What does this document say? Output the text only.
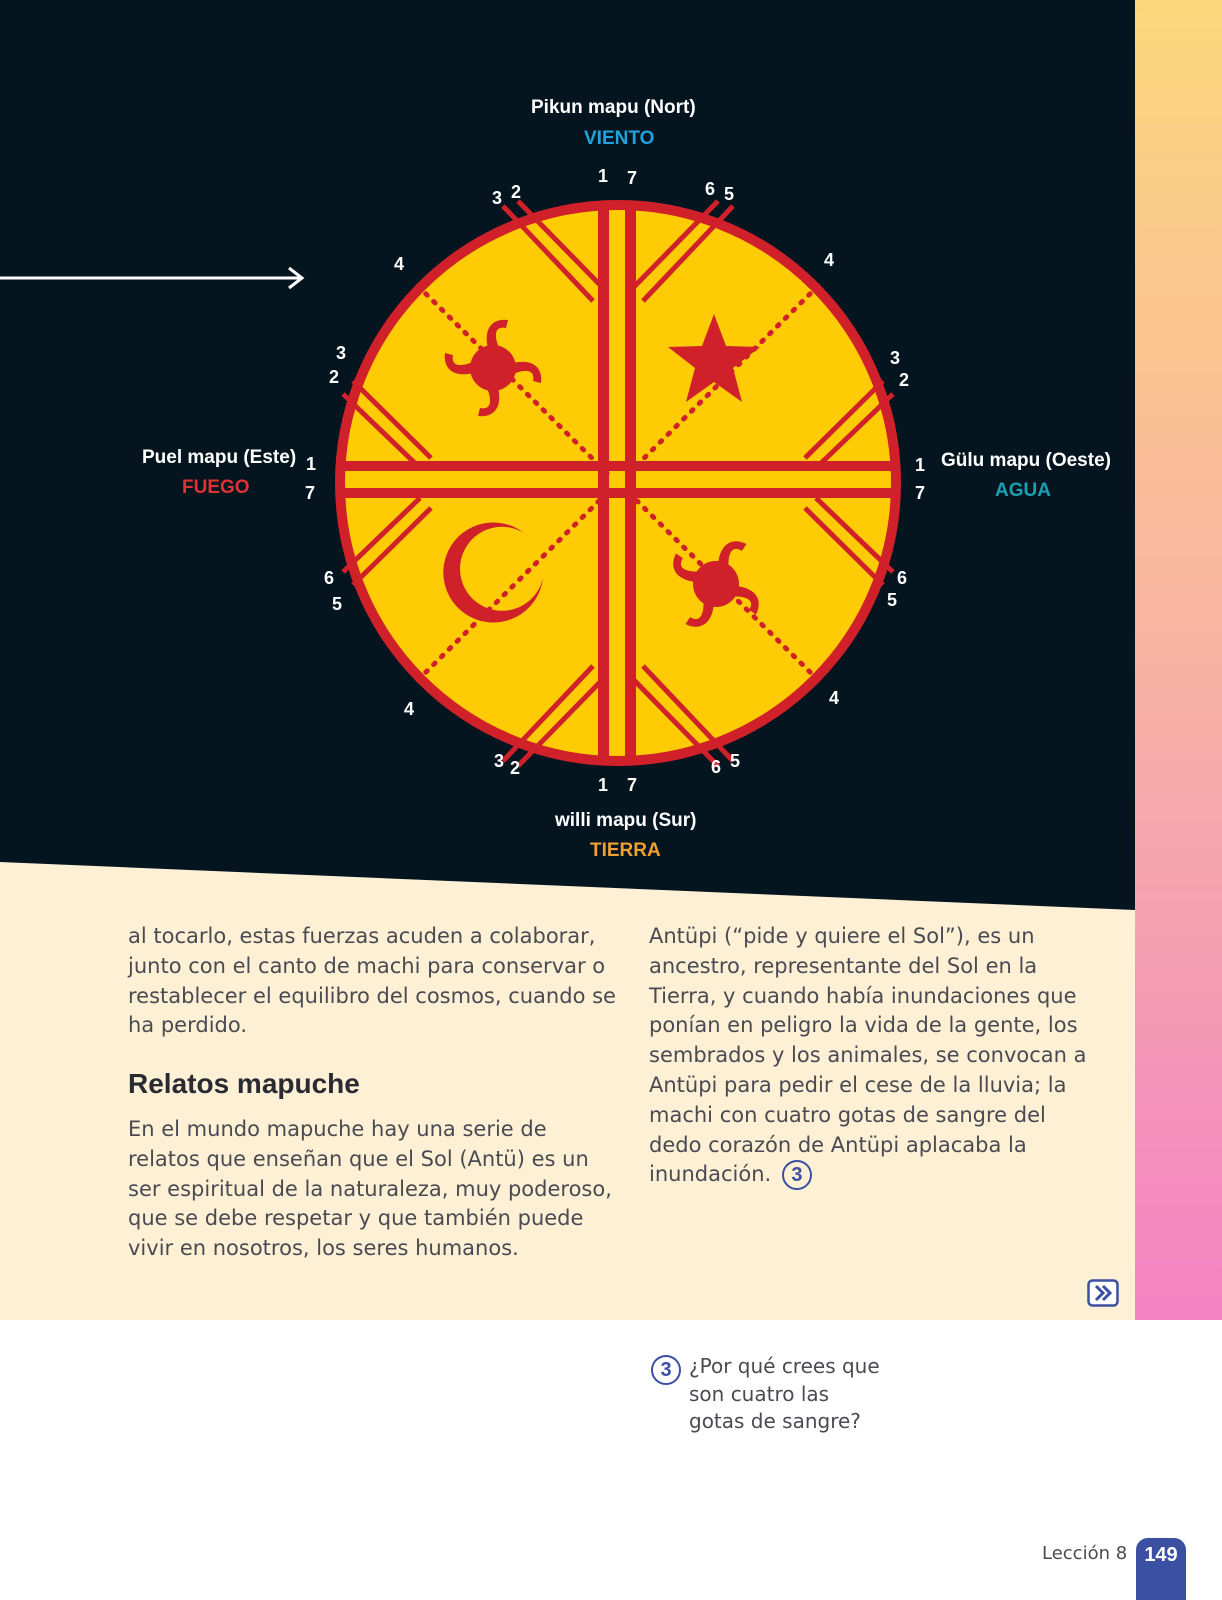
Pikun mapu (Nort)
VIENTO
Puel mapu (Este)
FUEGO
Gülu mapu (Oeste)
AGUA
willi mapu (Sur)
TIERRA
1 7
3 2	6 5
4	4
3
2
3
2
1
7
1
7
6
5
6
5
4
4
3 2	6 5
1 7

al tocarlo, estas fuerzas acuden a colaborar, junto con el canto de machi para conservar o restablecer el equilibro del cosmos, cuando se ha perdido.

Relatos mapuche

En el mundo mapuche hay una serie de relatos que enseñan que el Sol (Antü) es un ser espiritual de la naturaleza, muy poderoso, que se debe respetar y que también puede vivir en nosotros, los seres humanos.

Antüpi (“pide y quiere el Sol”), es un ancestro, representante del Sol en la Tierra, y cuando había inundaciones que ponían en peligro la vida de la gente, los sembrados y los animales, se convocan a Antüpi para pedir el cese de la lluvia; la machi con cuatro gotas de sangre del dedo corazón de Antüpi aplacaba la inundación. 3
3 ¿Por qué crees que son cuatro las gotas de sangre?
Lección 8 149
